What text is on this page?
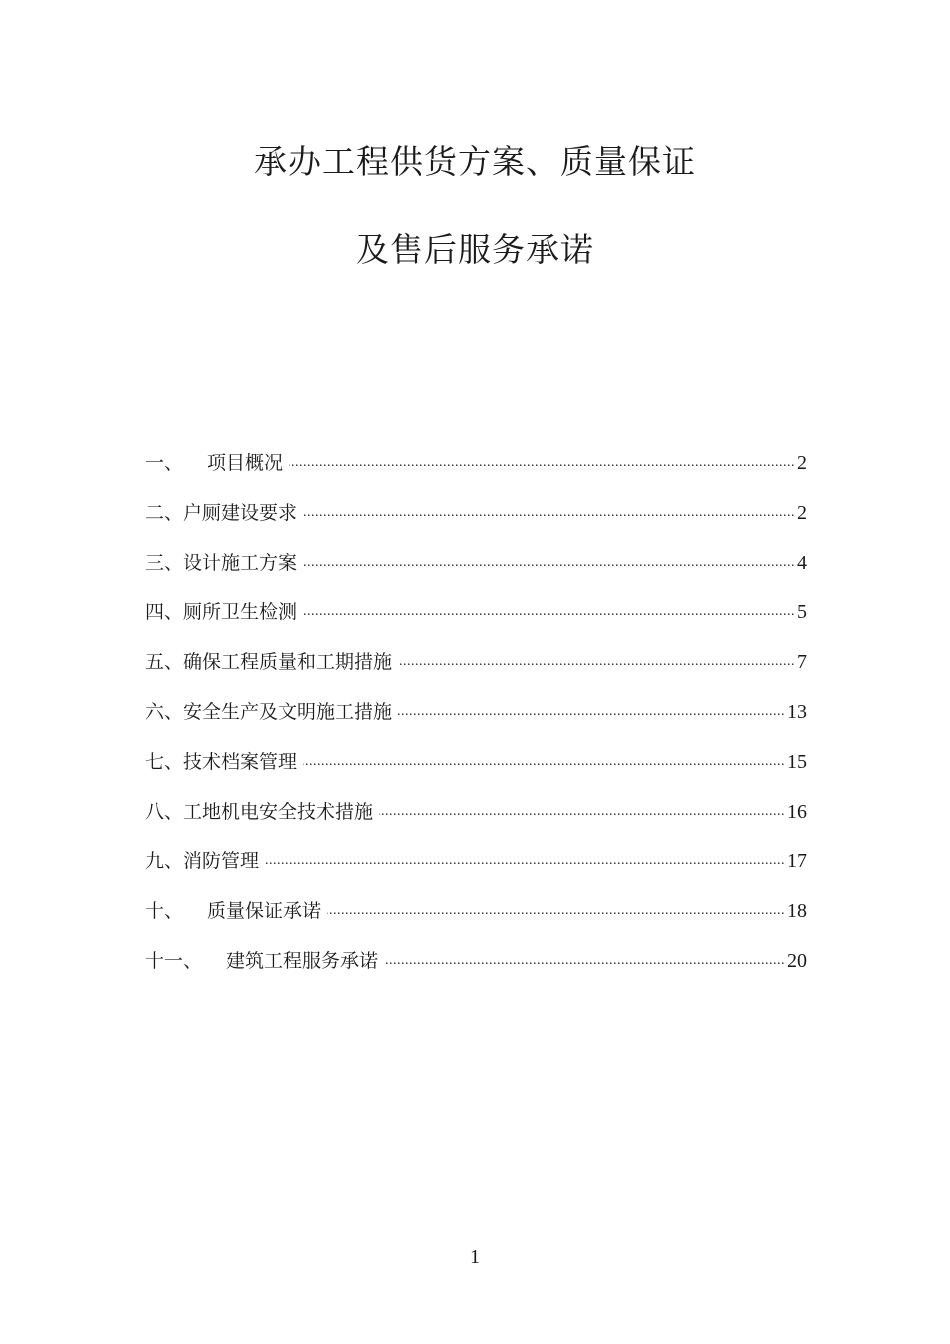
承办工程供货方案、质量保证
及售后服务承诺
一、 项目概况 .....	2
二、 户厕建设要求 .....	2
三、 设计施工方案 .....	4
四、 厕所卫生检测 .....	5
五、 确保工程质量和工期措施 .....	7
六、 安全生产及文明施工措施 .....	13
七、 技术档案管理 .....	15
八、 工地机电安全技术措施 .....	16
九、 消防管理 .....	17
十、 质量保证承诺 .....	18
十一、 建筑工程服务承诺 .....	20
1
